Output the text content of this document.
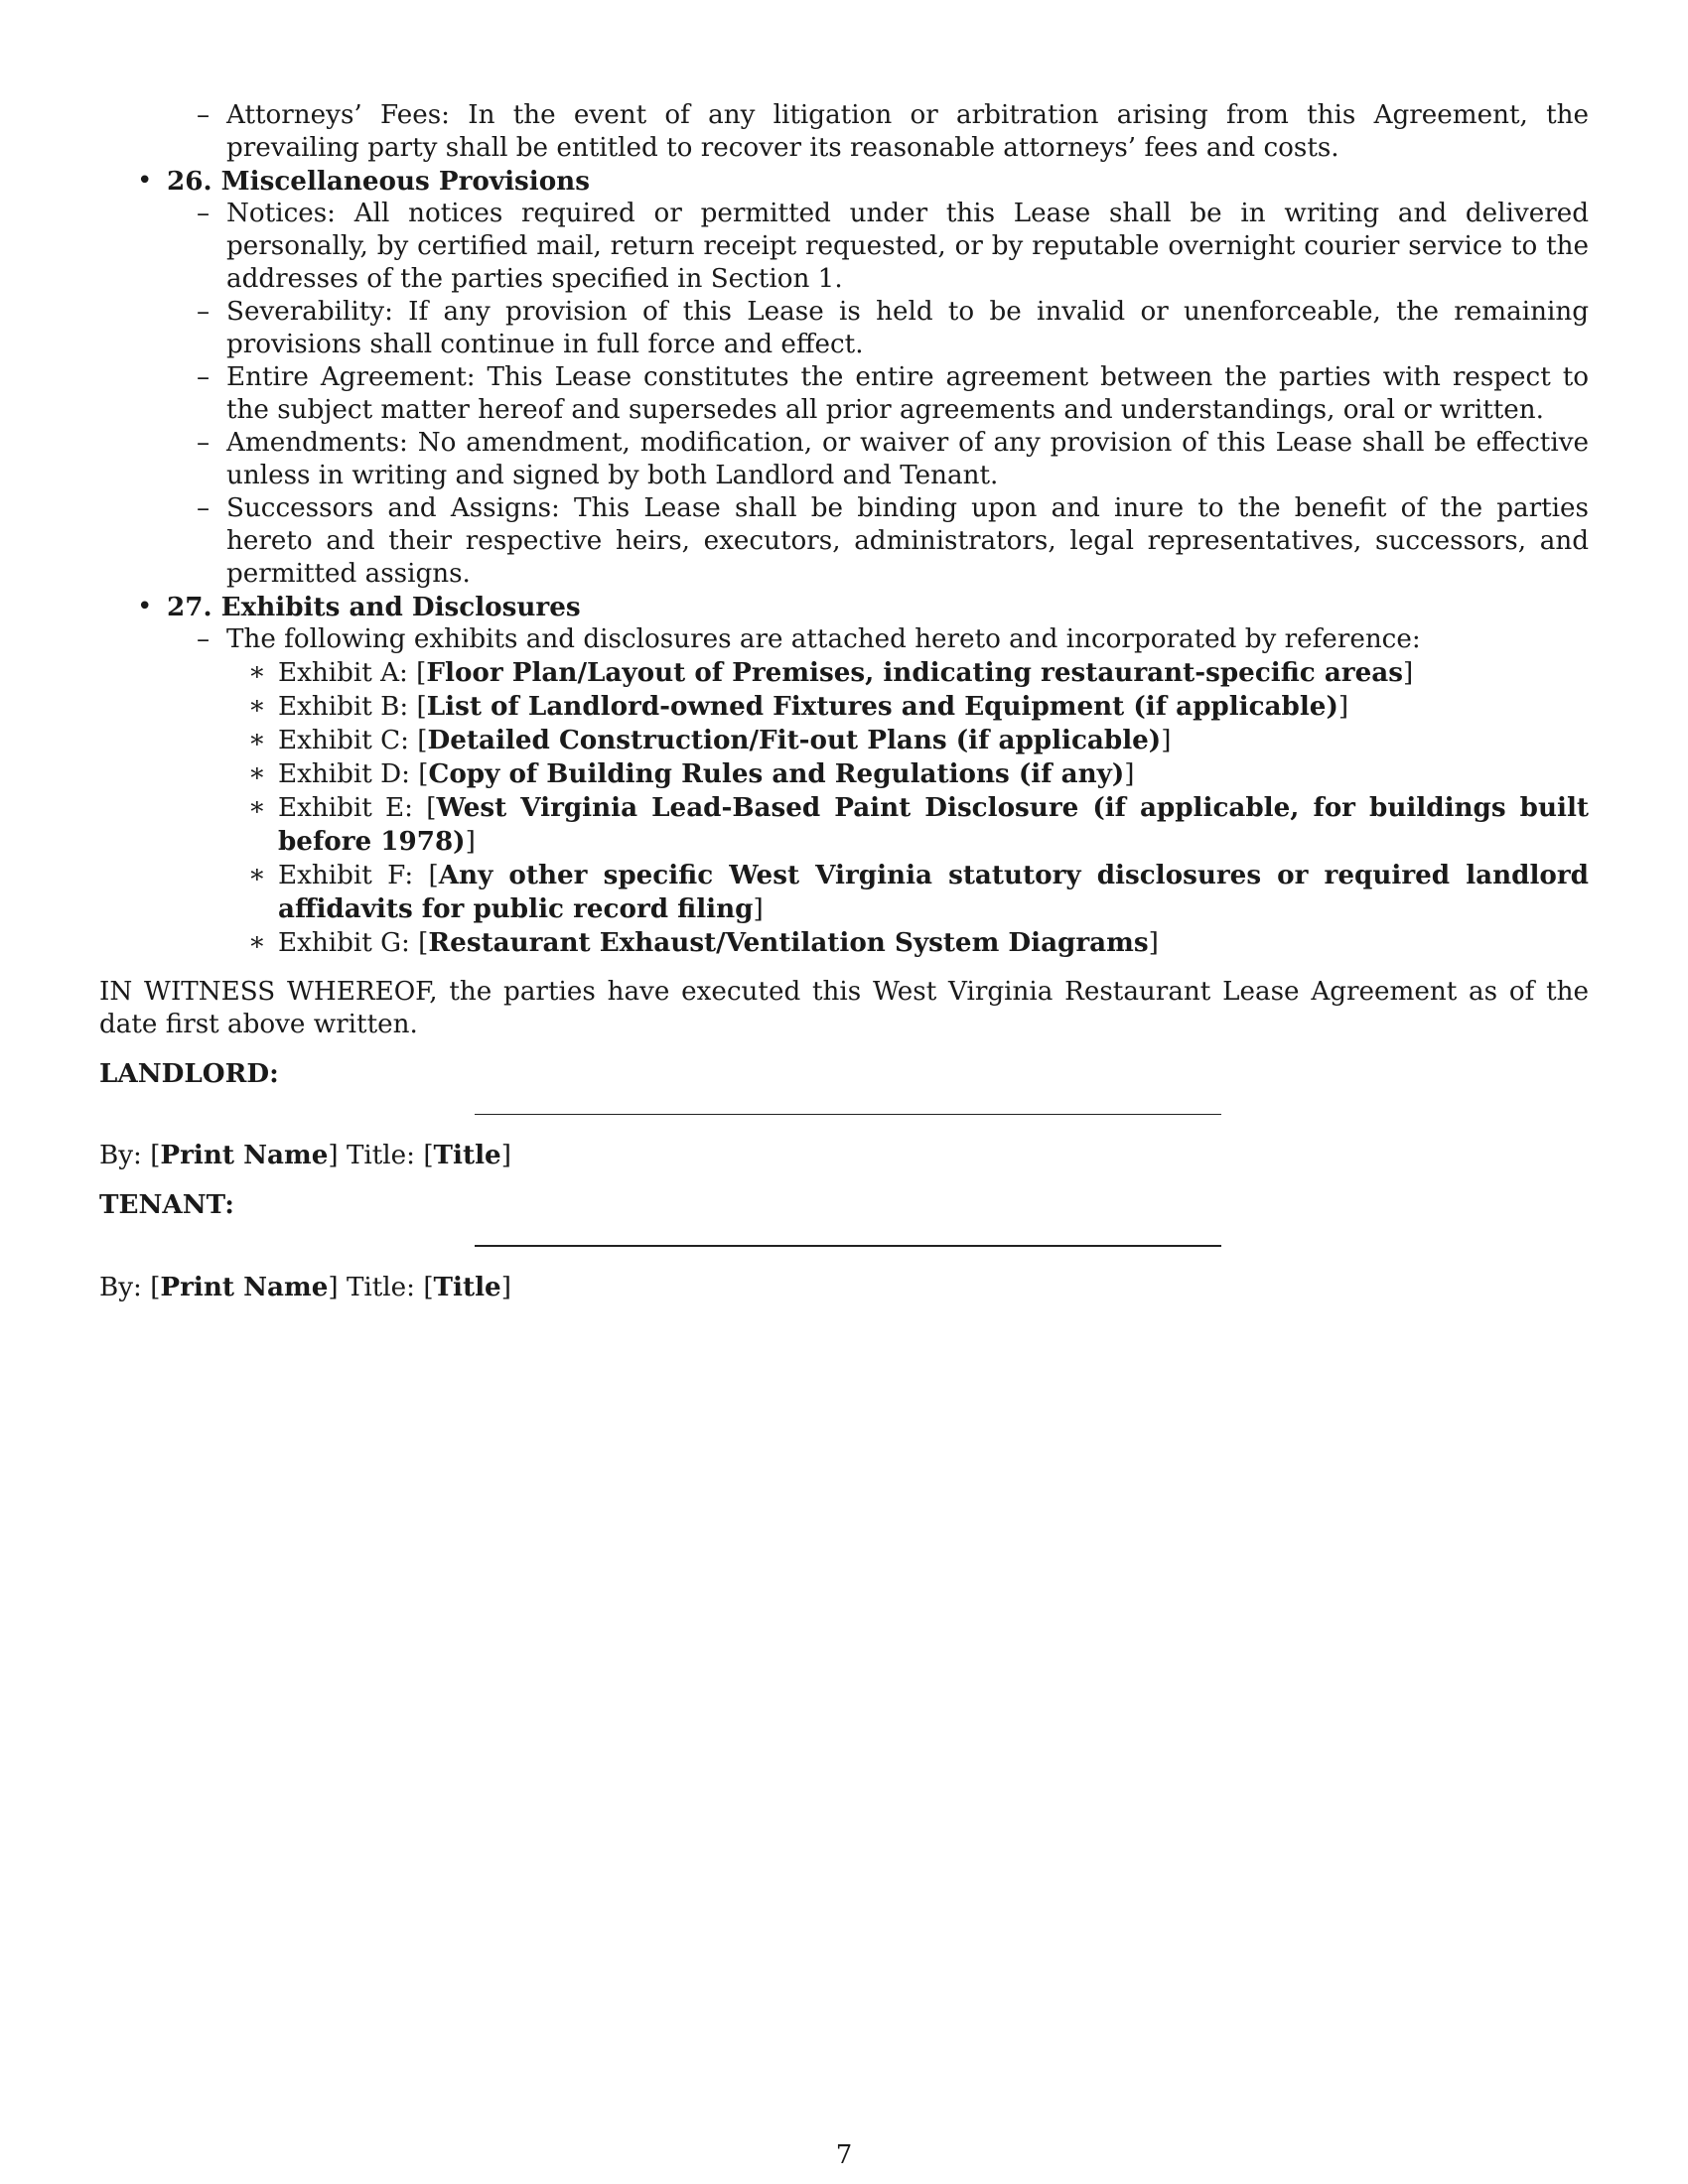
– Attorneys’ Fees: In the event of any litigation or arbitration arising from this Agreement, the prevailing party shall be entitled to recover its reasonable attorneys’ fees and costs.
• 26. Miscellaneous Provisions
– Notices: All notices required or permitted under this Lease shall be in writing and delivered personally, by certified mail, return receipt requested, or by reputable overnight courier service to the addresses of the parties specified in Section 1.
– Severability: If any provision of this Lease is held to be invalid or unenforceable, the remaining provisions shall continue in full force and effect.
– Entire Agreement: This Lease constitutes the entire agreement between the parties with respect to the subject matter hereof and supersedes all prior agreements and understandings, oral or written.
– Amendments: No amendment, modification, or waiver of any provision of this Lease shall be effective unless in writing and signed by both Landlord and Tenant.
– Successors and Assigns: This Lease shall be binding upon and inure to the benefit of the parties hereto and their respective heirs, executors, administrators, legal representatives, successors, and permitted assigns.
• 27. Exhibits and Disclosures
– The following exhibits and disclosures are attached hereto and incorporated by reference:
∗ Exhibit A: [Floor Plan/Layout of Premises, indicating restaurant-specific areas]
∗ Exhibit B: [List of Landlord-owned Fixtures and Equipment (if applicable)]
∗ Exhibit C: [Detailed Construction/Fit-out Plans (if applicable)]
∗ Exhibit D: [Copy of Building Rules and Regulations (if any)]
∗ Exhibit E: [West Virginia Lead-Based Paint Disclosure (if applicable, for buildings built before 1978)]
∗ Exhibit F: [Any other specific West Virginia statutory disclosures or required landlord affidavits for public record filing]
∗ Exhibit G: [Restaurant Exhaust/Ventilation System Diagrams]
IN WITNESS WHEREOF, the parties have executed this West Virginia Restaurant Lease Agreement as of the date first above written.
LANDLORD:
By: [Print Name] Title: [Title]
TENANT:
By: [Print Name] Title: [Title]
7
